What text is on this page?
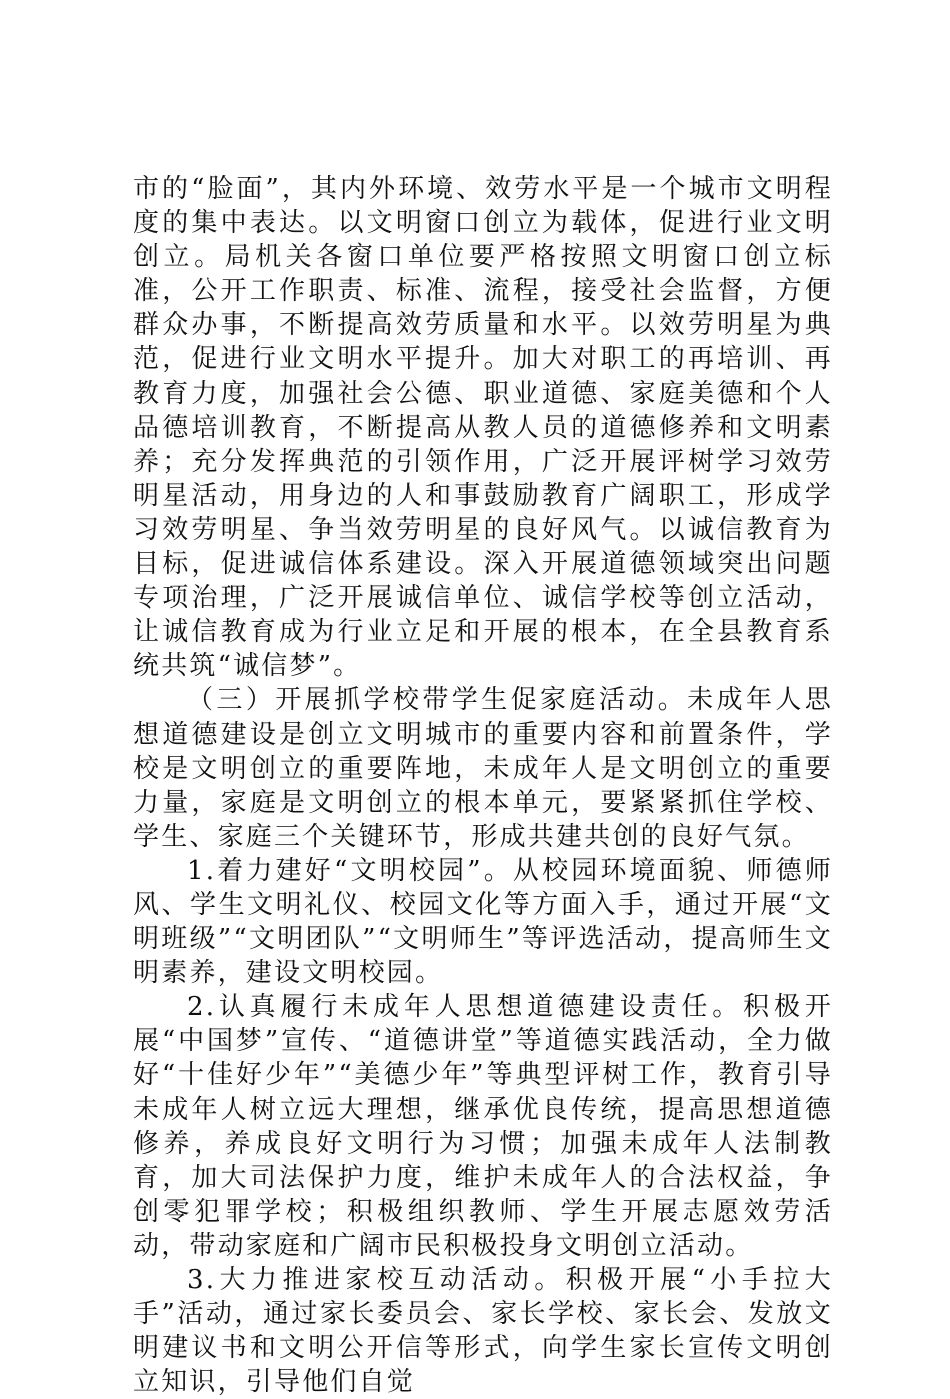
市的“脸面”，其内外环境、效劳水平是一个城市文明程度的集中表达。以文明窗口创立为载体，促进行业文明创立。局机关各窗口单位要严格按照文明窗口创立标准，公开工作职责、标准、流程，接受社会监督，方便群众办事，不断提高效劳质量和水平。以效劳明星为典范，促进行业文明水平提升。加大对职工的再培训、再教育力度，加强社会公德、职业道德、家庭美德和个人品德培训教育，不断提高从教人员的道德修养和文明素养；充分发挥典范的引领作用，广泛开展评树学习效劳明星活动，用身边的人和事鼓励教育广阔职工，形成学习效劳明星、争当效劳明星的良好风气。以诚信教育为目标，促进诚信体系建设。深入开展道德领域突出问题专项治理，广泛开展诚信单位、诚信学校等创立活动，让诚信教育成为行业立足和开展的根本，在全县教育系统共筑“诚信梦”。

（三）开展抓学校带学生促家庭活动。未成年人思想道德建设是创立文明城市的重要内容和前置条件，学校是文明创立的重要阵地，未成年人是文明创立的重要力量，家庭是文明创立的根本单元，要紧紧抓住学校、学生、家庭三个关键环节，形成共建共创的良好气氛。

1.着力建好“文明校园”。从校园环境面貌、师德师风、学生文明礼仪、校园文化等方面入手，通过开展“文明班级”“文明团队”“文明师生”等评选活动，提高师生文明素养，建设文明校园。

2.认真履行未成年人思想道德建设责任。积极开展“中国梦”宣传、“道德讲堂”等道德实践活动，全力做好“十佳好少年”“美德少年”等典型评树工作，教育引导未成年人树立远大理想，继承优良传统，提高思想道德修养，养成良好文明行为习惯；加强未成年人法制教育，加大司法保护力度，维护未成年人的合法权益，争创零犯罪学校；积极组织教师、学生开展志愿效劳活动，带动家庭和广阔市民积极投身文明创立活动。

3.大力推进家校互动活动。积极开展“小手拉大手”活动，通过家长委员会、家长学校、家长会、发放文明建议书和文明公开信等形式，向学生家长宣传文明创立知识，引导他们自觉
